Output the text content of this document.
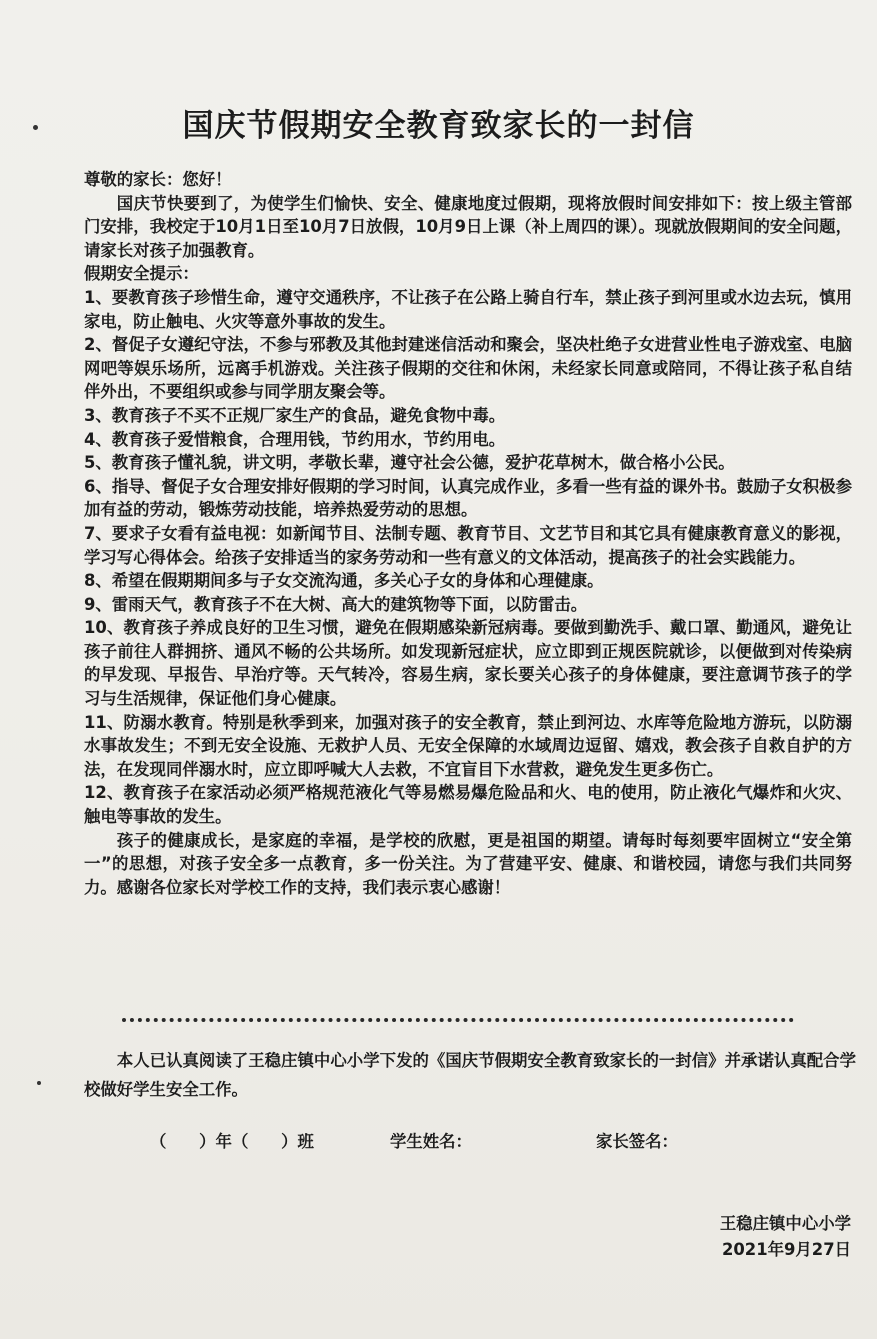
国庆节假期安全教育致家长的一封信

尊敬的家长：您好！

国庆节快要到了，为使学生们愉快、安全、健康地度过假期，现将放假时间安排如下：按上级主管部门安排，我校定于10月1日至10月7日放假，10月9日上课（补上周四的课）。现就放假期间的安全问题，请家长对孩子加强教育。

假期安全提示：

1、要教育孩子珍惜生命，遵守交通秩序，不让孩子在公路上骑自行车，禁止孩子到河里或水边去玩，慎用家电，防止触电、火灾等意外事故的发生。

2、督促子女遵纪守法，不参与邪教及其他封建迷信活动和聚会，坚决杜绝子女进营业性电子游戏室、电脑网吧等娱乐场所，远离手机游戏。关注孩子假期的交往和休闲，未经家长同意或陪同，不得让孩子私自结伴外出，不要组织或参与同学朋友聚会等。

3、教育孩子不买不正规厂家生产的食品，避免食物中毒。

4、教育孩子爱惜粮食，合理用钱，节约用水，节约用电。

5、教育孩子懂礼貌，讲文明，孝敬长辈，遵守社会公德，爱护花草树木，做合格小公民。

6、指导、督促子女合理安排好假期的学习时间，认真完成作业，多看一些有益的课外书。鼓励子女积极参加有益的劳动，锻炼劳动技能，培养热爱劳动的思想。

7、要求子女看有益电视：如新闻节目、法制专题、教育节目、文艺节目和其它具有健康教育意义的影视，学习写心得体会。给孩子安排适当的家务劳动和一些有意义的文体活动，提高孩子的社会实践能力。

8、希望在假期期间多与子女交流沟通，多关心子女的身体和心理健康。

9、雷雨天气，教育孩子不在大树、高大的建筑物等下面，以防雷击。

10、教育孩子养成良好的卫生习惯，避免在假期感染新冠病毒。要做到勤洗手、戴口罩、勤通风，避免让孩子前往人群拥挤、通风不畅的公共场所。如发现新冠症状，应立即到正规医院就诊，以便做到对传染病的早发现、早报告、早治疗等。天气转冷，容易生病，家长要关心孩子的身体健康，要注意调节孩子的学习与生活规律，保证他们身心健康。

11、防溺水教育。特别是秋季到来，加强对孩子的安全教育，禁止到河边、水库等危险地方游玩，以防溺水事故发生；不到无安全设施、无救护人员、无安全保障的水域周边逗留、嬉戏，教会孩子自救自护的方法，在发现同伴溺水时，应立即呼喊大人去救，不宜盲目下水营救，避免发生更多伤亡。

12、教育孩子在家活动必须严格规范液化气等易燃易爆危险品和火、电的使用，防止液化气爆炸和火灾、触电等事故的发生。

孩子的健康成长，是家庭的幸福，是学校的欣慰，更是祖国的期望。请每时每刻要牢固树立“安全第一”的思想，对孩子安全多一点教育，多一份关注。为了营建平安、健康、和谐校园，请您与我们共同努力。感谢各位家长对学校工作的支持，我们表示衷心感谢！

本人已认真阅读了王稳庄镇中心小学下发的《国庆节假期安全教育致家长的一封信》并承诺认真配合学校做好学生安全工作。
（　　）年（　　）班	学生姓名：	家长签名：
王稳庄镇中心小学
2021年9月27日
